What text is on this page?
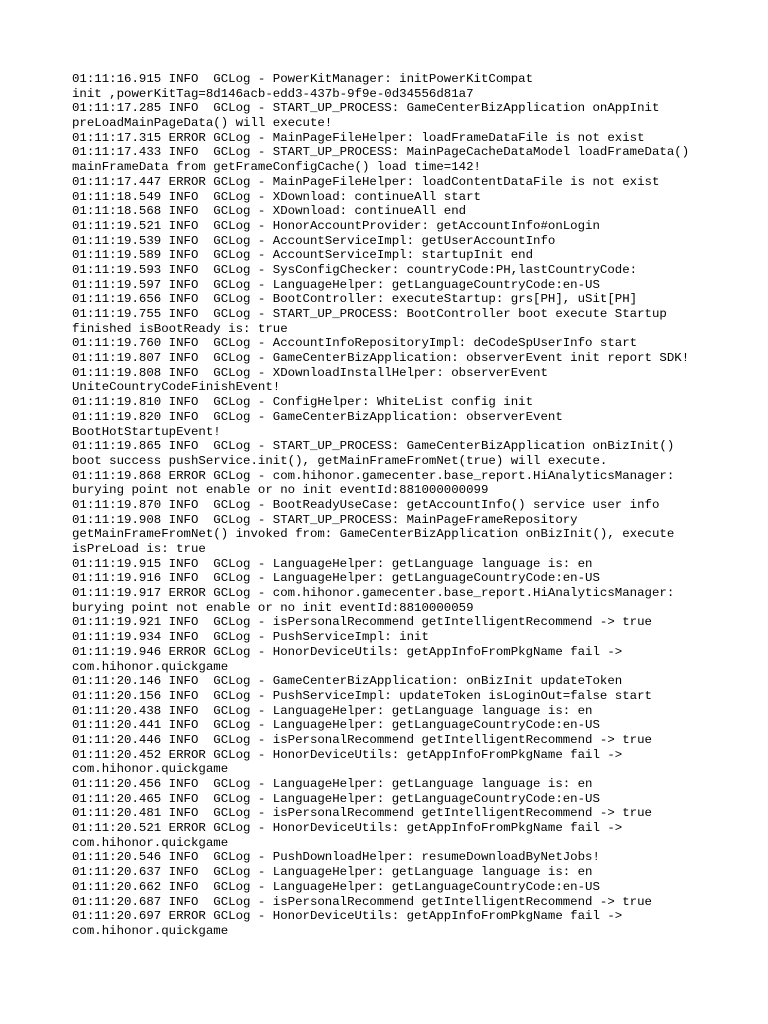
01:11:16.915 INFO  GCLog - PowerKitManager: initPowerKitCompat
init ,powerKitTag=8d146acb-edd3-437b-9f9e-0d34556d81a7
01:11:17.285 INFO  GCLog - START_UP_PROCESS: GameCenterBizApplication onAppInit
preLoadMainPageData() will execute!
01:11:17.315 ERROR GCLog - MainPageFileHelper: loadFrameDataFile is not exist
01:11:17.433 INFO  GCLog - START_UP_PROCESS: MainPageCacheDataModel loadFrameData()
mainFrameData from getFrameConfigCache() load time=142!
01:11:17.447 ERROR GCLog - MainPageFileHelper: loadContentDataFile is not exist
01:11:18.549 INFO  GCLog - XDownload: continueAll start
01:11:18.568 INFO  GCLog - XDownload: continueAll end
01:11:19.521 INFO  GCLog - HonorAccountProvider: getAccountInfo#onLogin
01:11:19.539 INFO  GCLog - AccountServiceImpl: getUserAccountInfo
01:11:19.589 INFO  GCLog - AccountServiceImpl: startupInit end
01:11:19.593 INFO  GCLog - SysConfigChecker: countryCode:PH,lastCountryCode:
01:11:19.597 INFO  GCLog - LanguageHelper: getLanguageCountryCode:en-US
01:11:19.656 INFO  GCLog - BootController: executeStartup: grs[PH], uSit[PH]
01:11:19.755 INFO  GCLog - START_UP_PROCESS: BootController boot execute Startup
finished isBootReady is: true
01:11:19.760 INFO  GCLog - AccountInfoRepositoryImpl: deCodeSpUserInfo start
01:11:19.807 INFO  GCLog - GameCenterBizApplication: observerEvent init report SDK!
01:11:19.808 INFO  GCLog - XDownloadInstallHelper: observerEvent
UniteCountryCodeFinishEvent!
01:11:19.810 INFO  GCLog - ConfigHelper: WhiteList config init
01:11:19.820 INFO  GCLog - GameCenterBizApplication: observerEvent
BootHotStartupEvent!
01:11:19.865 INFO  GCLog - START_UP_PROCESS: GameCenterBizApplication onBizInit()
boot success pushService.init(), getMainFrameFromNet(true) will execute.
01:11:19.868 ERROR GCLog - com.hihonor.gamecenter.base_report.HiAnalyticsManager:
burying point not enable or no init eventId:881000000099
01:11:19.870 INFO  GCLog - BootReadyUseCase: getAccountInfo() service user info
01:11:19.908 INFO  GCLog - START_UP_PROCESS: MainPageFrameRepository
getMainFrameFromNet() invoked from: GameCenterBizApplication onBizInit(), execute
isPreLoad is: true
01:11:19.915 INFO  GCLog - LanguageHelper: getLanguage language is: en
01:11:19.916 INFO  GCLog - LanguageHelper: getLanguageCountryCode:en-US
01:11:19.917 ERROR GCLog - com.hihonor.gamecenter.base_report.HiAnalyticsManager:
burying point not enable or no init eventId:8810000059
01:11:19.921 INFO  GCLog - isPersonalRecommend getIntelligentRecommend -> true
01:11:19.934 INFO  GCLog - PushServiceImpl: init
01:11:19.946 ERROR GCLog - HonorDeviceUtils: getAppInfoFromPkgName fail ->
com.hihonor.quickgame
01:11:20.146 INFO  GCLog - GameCenterBizApplication: onBizInit updateToken
01:11:20.156 INFO  GCLog - PushServiceImpl: updateToken isLoginOut=false start
01:11:20.438 INFO  GCLog - LanguageHelper: getLanguage language is: en
01:11:20.441 INFO  GCLog - LanguageHelper: getLanguageCountryCode:en-US
01:11:20.446 INFO  GCLog - isPersonalRecommend getIntelligentRecommend -> true
01:11:20.452 ERROR GCLog - HonorDeviceUtils: getAppInfoFromPkgName fail ->
com.hihonor.quickgame
01:11:20.456 INFO  GCLog - LanguageHelper: getLanguage language is: en
01:11:20.465 INFO  GCLog - LanguageHelper: getLanguageCountryCode:en-US
01:11:20.481 INFO  GCLog - isPersonalRecommend getIntelligentRecommend -> true
01:11:20.521 ERROR GCLog - HonorDeviceUtils: getAppInfoFromPkgName fail ->
com.hihonor.quickgame
01:11:20.546 INFO  GCLog - PushDownloadHelper: resumeDownloadByNetJobs!
01:11:20.637 INFO  GCLog - LanguageHelper: getLanguage language is: en
01:11:20.662 INFO  GCLog - LanguageHelper: getLanguageCountryCode:en-US
01:11:20.687 INFO  GCLog - isPersonalRecommend getIntelligentRecommend -> true
01:11:20.697 ERROR GCLog - HonorDeviceUtils: getAppInfoFromPkgName fail ->
com.hihonor.quickgame
